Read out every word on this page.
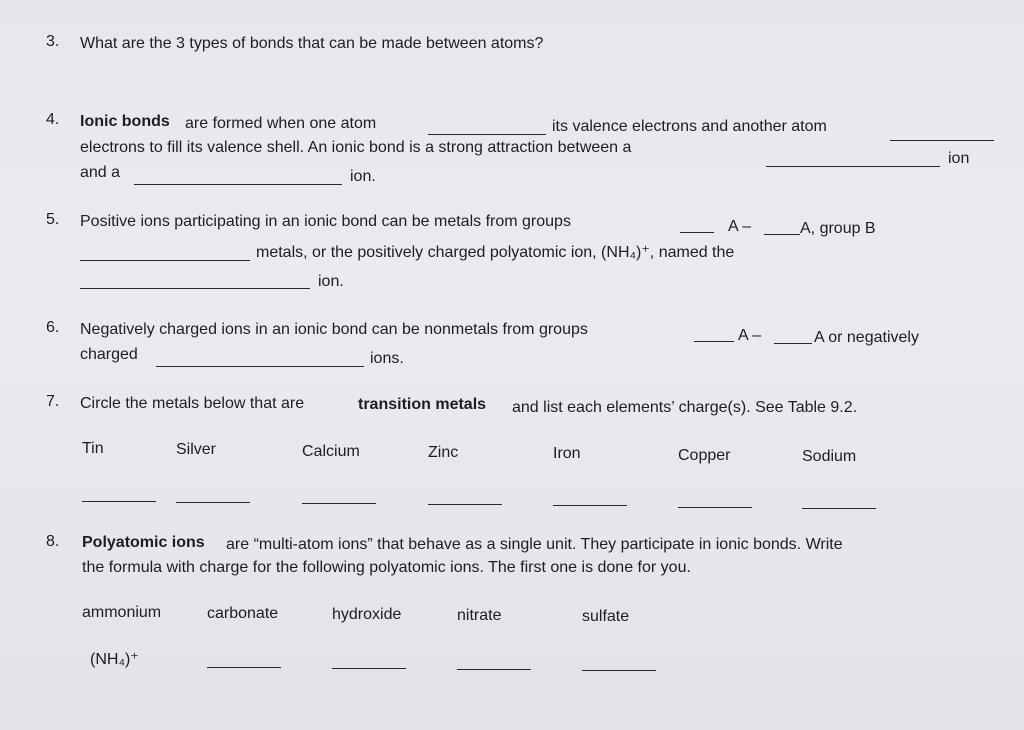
3. What are the 3 types of bonds that can be made between atoms?
4. Ionic bonds are formed when one atom	its valence electrons and another atom
electrons to fill its valence shell. An ionic bond is a strong attraction between a
ion
and a	ion.
5. Positive ions participating in an ionic bond can be metals from groups	A –	A, group B
metals, or the positively charged polyatomic ion, (NH₄)⁺, named the
ion.
6. Negatively charged ions in an ionic bond can be nonmetals from groups	A –	A or negatively
charged	ions.
7. Circle the metals below that are	transition metals and list each elements’ charge(s). See Table 9.2.
Tin	Silver	Calcium	Zinc	Iron	Copper	Sodium
8. Polyatomic ions are “multi-atom ions” that behave as a single unit. They participate in ionic bonds. Write
the formula with charge for the following polyatomic ions. The first one is done for you.
ammonium	carbonate	hydroxide	nitrate	sulfate
(NH₄)⁺
